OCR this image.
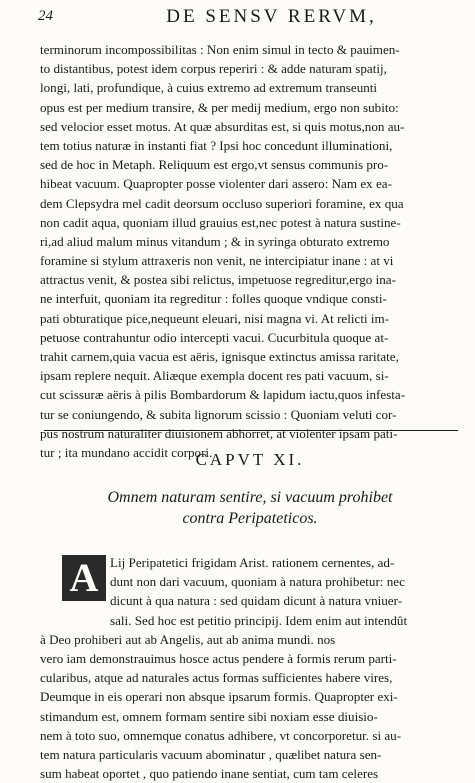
24	DE SENSV RERVM,
terminorum incompossibilitas : Non enim simul in tecto & pauimen-
to distantibus, potest idem corpus reperiri : & adde naturam spatij,
longi, lati, profundique, à cuius extremo ad extremum transeunti
opus est per medium transire, & per medij medium, ergo non subito:
sed velocior esset motus. At quæ absurditas est, si quis motus,non au-
tem totius naturæ in instanti fiat ? Ipsi hoc concedunt illuminationi,
sed de hoc in Metaph. Reliquum est ergo,vt sensus communis pro-
hibeat vacuum. Quapropter posse violenter dari assero: Nam ex ea-
dem Clepsydra mel cadit deorsum occluso superiori foramine, ex qua
non cadit aqua, quoniam illud grauius est,nec potest à natura sustine-
ri,ad aliud malum minus vitandum ; & in syringa obturato extremo
foramine si stylum attraxeris non venit, ne intercipiatur inane : at vi
attractus venit, & postea sibi relictus, impetuose regreditur,ergo ina-
ne interfuit, quoniam ita regreditur : folles quoque vndique consti-
pati obturatique pice,nequeunt eleuari, nisi magna vi. At relicti im-
petuose contrahuntur odio intercepti vacui. Cucurbitula quoque at-
trahit carnem,quia vacua est aëris, ignisque extinctus amissa raritate,
ipsam replere nequit. Aliæque exempla docent res pati vacuum, si-
cut scissuræ aëris à pilis Bombardorum & lapidum iactu,quos infesta-
tur se coniungendo, & subita lignorum scissio : Quoniam veluti cor-
pus nostrum naturaliter diuisionem abhorret, at violenter ipsam pati-
tur ; ita mundano accidit corpori.
CAPVT XI.
Omnem naturam sentire, si vacuum prohibet
contra Peripateticos.
A Lij Peripatetici frigidam Arist. rationem cernentes, ad-
dunt non dari vacuum, quoniam à natura prohibetur: nec
dicunt à qua natura : sed quidam dicunt à natura vniuer-
sali. Sed hoc est petitio principij. Idem enim aut intendût
à Deo prohiberi aut ab Angelis, aut ab anima mundi. nos
vero iam demonstrauimus hosce actus pendere à formis rerum parti-
cularibus, atque ad naturales actus formas sufficientes habere vires,
Deumque in eis operari non absque ipsarum formis. Quapropter exi-
stimandum est, omnem formam sentire sibi noxiam esse diuisio-
nem à toto suo, omnemque conatus adhibere, vt concorporetur. si au-
tem natura particularis vacuum abominatur , quælibet natura sen-
sum habeat oportet , quo patiendo inane sentiat, cum tam celeres
